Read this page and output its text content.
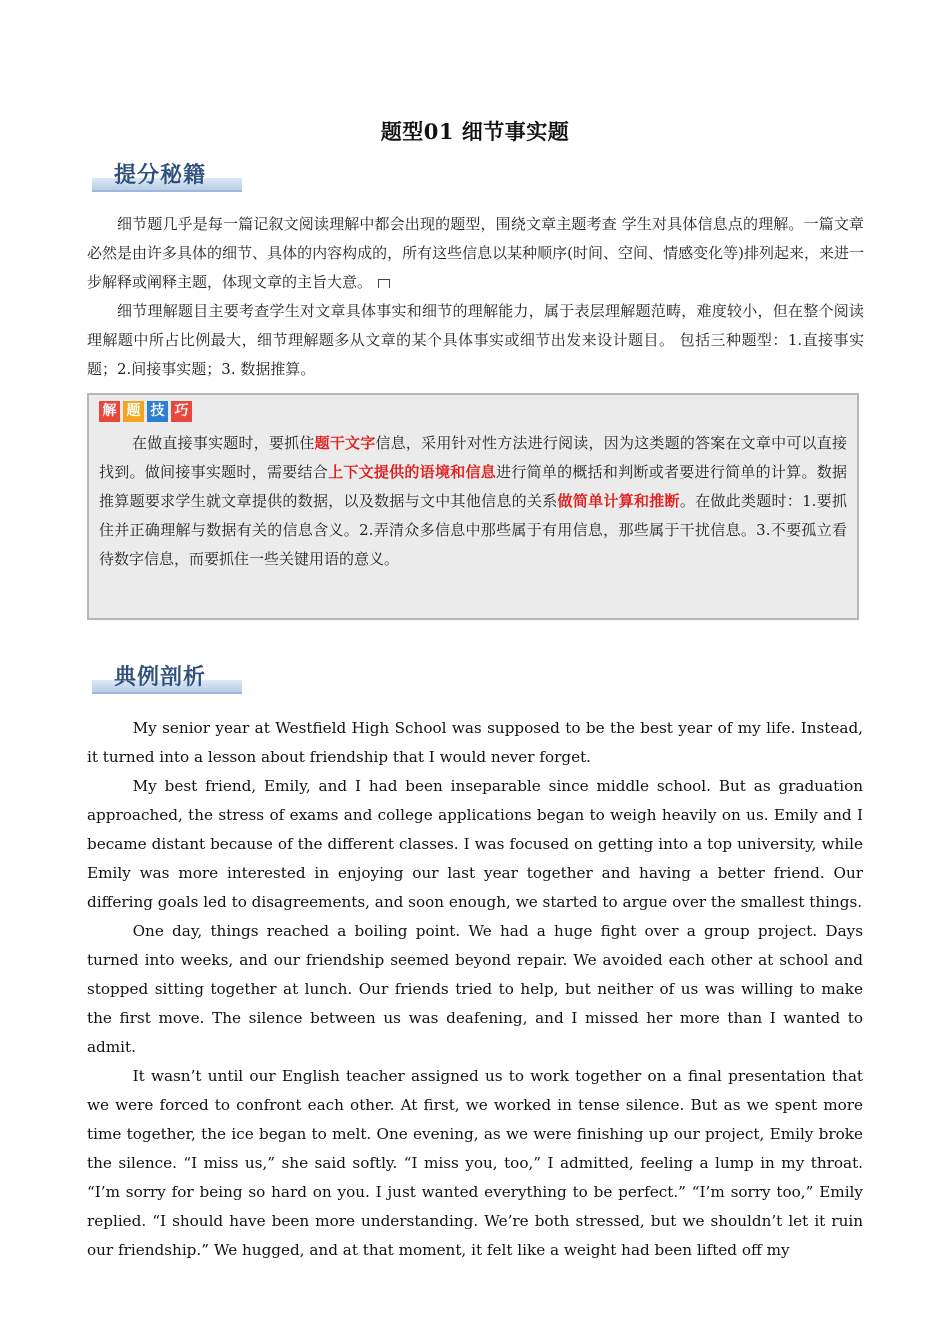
题型01 细节事实题
提分秘籍

细节题几乎是每一篇记叙文阅读理解中都会出现的题型，围绕文章主题考查 学生对具体信息点的理解。一篇文章必然是由许多具体的细节、具体的内容构成的，所有这些信息以某种顺序(时间、空间、情感变化等)排列起来，来进一步解释或阐释主题，体现文章的主旨大意。

细节理解题目主要考查学生对文章具体事实和细节的理解能力，属于表层理解题范畴，难度较小，但在整个阅读理解题中所占比例最大，细节理解题多从文章的某个具体事实或细节出发来设计题目。 包括三种题型：1.直接事实题；2.间接事实题；3. 数据推算。

解 题 技 巧

在做直接事实题时，要抓住题干文字信息，采用针对性方法进行阅读，因为这类题的答案在文章中可以直接找到。做间接事实题时，需要结合上下文提供的语境和信息进行简单的概括和判断或者要进行简单的计算。数据推算题要求学生就文章提供的数据，以及数据与文中其他信息的关系做简单计算和推断。在做此类题时：1.要抓住并正确理解与数据有关的信息含义。2.弄清众多信息中那些属于有用信息，那些属于干扰信息。3.不要孤立看待数字信息，而要抓住一些关键用语的意义。

典例剖析

My senior year at Westfield High School was supposed to be the best year of my life. Instead, it turned into a lesson about friendship that I would never forget.

My best friend, Emily, and I had been inseparable since middle school. But as graduation approached, the stress of exams and college applications began to weigh heavily on us. Emily and I became distant because of the different classes. I was focused on getting into a top university, while Emily was more interested in enjoying our last year together and having a better friend. Our differing goals led to disagreements, and soon enough, we started to argue over the smallest things.

One day, things reached a boiling point. We had a huge fight over a group project. Days turned into weeks, and our friendship seemed beyond repair. We avoided each other at school and stopped sitting together at lunch. Our friends tried to help, but neither of us was willing to make the first move. The silence between us was deafening, and I missed her more than I wanted to admit.

It wasn’t until our English teacher assigned us to work together on a final presentation that we were forced to confront each other. At first, we worked in tense silence. But as we spent more time together, the ice began to melt. One evening, as we were finishing up our project, Emily broke the silence. “I miss us,” she said softly. “I miss you, too,” I admitted, feeling a lump in my throat. “I’m sorry for being so hard on you. I just wanted everything to be perfect.” “I’m sorry too,” Emily replied. “I should have been more understanding. We’re both stressed, but we shouldn’t let it ruin our friendship.” We hugged, and at that moment, it felt like a weight had been lifted off my
